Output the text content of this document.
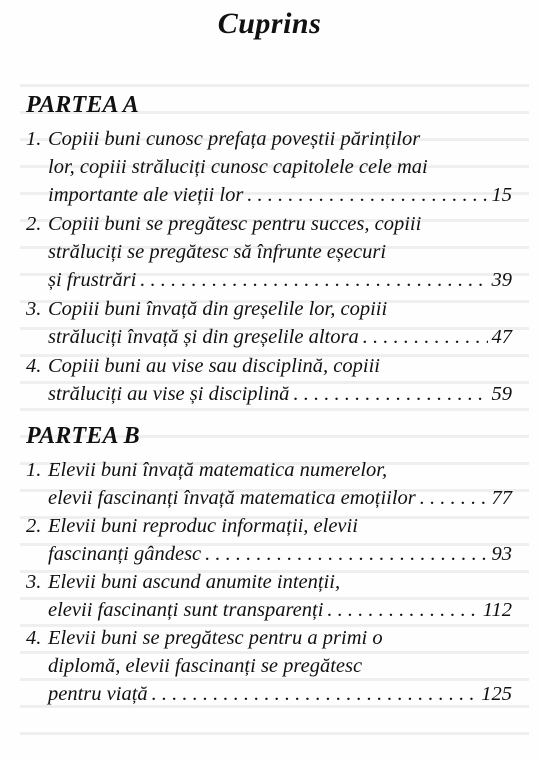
Cuprins
PARTEA A
1. Copiii buni cunosc prefața poveștii părinților
lor, copiii străluciți cunosc capitolele cele mai
importante ale vieții lor . . .	15
2. Copiii buni se pregătesc pentru succes, copiii
străluciți se pregătesc să înfrunte eșecuri
și frustrări . . .	39
3. Copiii buni învață din greșelile lor, copiii
străluciți învață și din greșelile altora . . .	47
4. Copiii buni au vise sau disciplină, copiii
străluciți au vise și disciplină . . .	59
PARTEA B
1. Elevii buni învață matematica numerelor,
elevii fascinanți învață matematica emoțiilor . . .	77
2. Elevii buni reproduc informații, elevii
fascinanți gândesc . . .	93
3. Elevii buni ascund anumite intenții,
elevii fascinanți sunt transparenți . . .	112
4. Elevii buni se pregătesc pentru a primi o
diplomă, elevii fascinanți se pregătesc
pentru viață . . .	125
